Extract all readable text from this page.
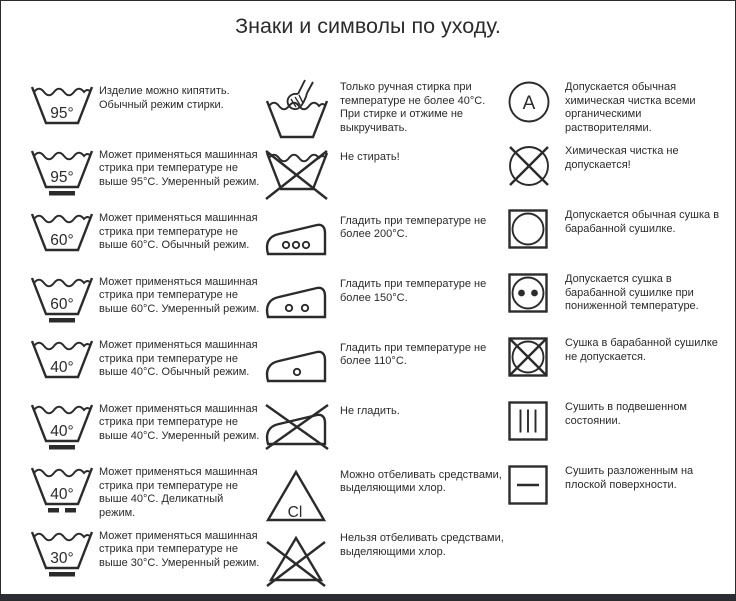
Знаки и символы по уходу.
95°
Изделие можно кипятить. Обычный режим стирки.
95°
Может применяться машинная стрика при температуре не выше 95°С. Умеренный режим.
60°
Может применяться машинная стрика при температуре не выше 60°С. Обычный режим.
60°
Может применяться машинная стрика при температуре не выше 60°С. Умеренный режим.
40°
Может применяться машинная стрика при температуре не выше 40°С. Обычный режим.
40°
Может применяться машинная стрика при температуре не выше 40°С. Умеренный режим.
40°
Может применяться машинная стрика при температуре не выше 40°С. Деликатный режим.
30°
Может применяться машинная стрика при температуре не выше 30°С. Умеренный режим.
Только ручная стирка при температуре не более 40°С. При стирке и отжиме не выкручивать.
Не стирать!
Гладить при температуре не более 200°С.
Гладить при температуре не более 150°С.
Гладить при температуре не более 110°С.
Не гладить.
Cl
Можно отбеливать средствами, выделяющими хлор.
Нельзя отбеливать средствами, выделяющими хлор.
A
Допускается обычная химическая чистка всеми органическими растворителями.
Химическая чистка не допускается!
Допускается обычная сушка в барабанной сушилке.
Допускается сушка в барабанной сушилке при пониженной температуре.
Сушка в барабанной сушилке не допускается.
Сушить в подвешенном состоянии.
Сушить разложенным на плоской поверхности.
